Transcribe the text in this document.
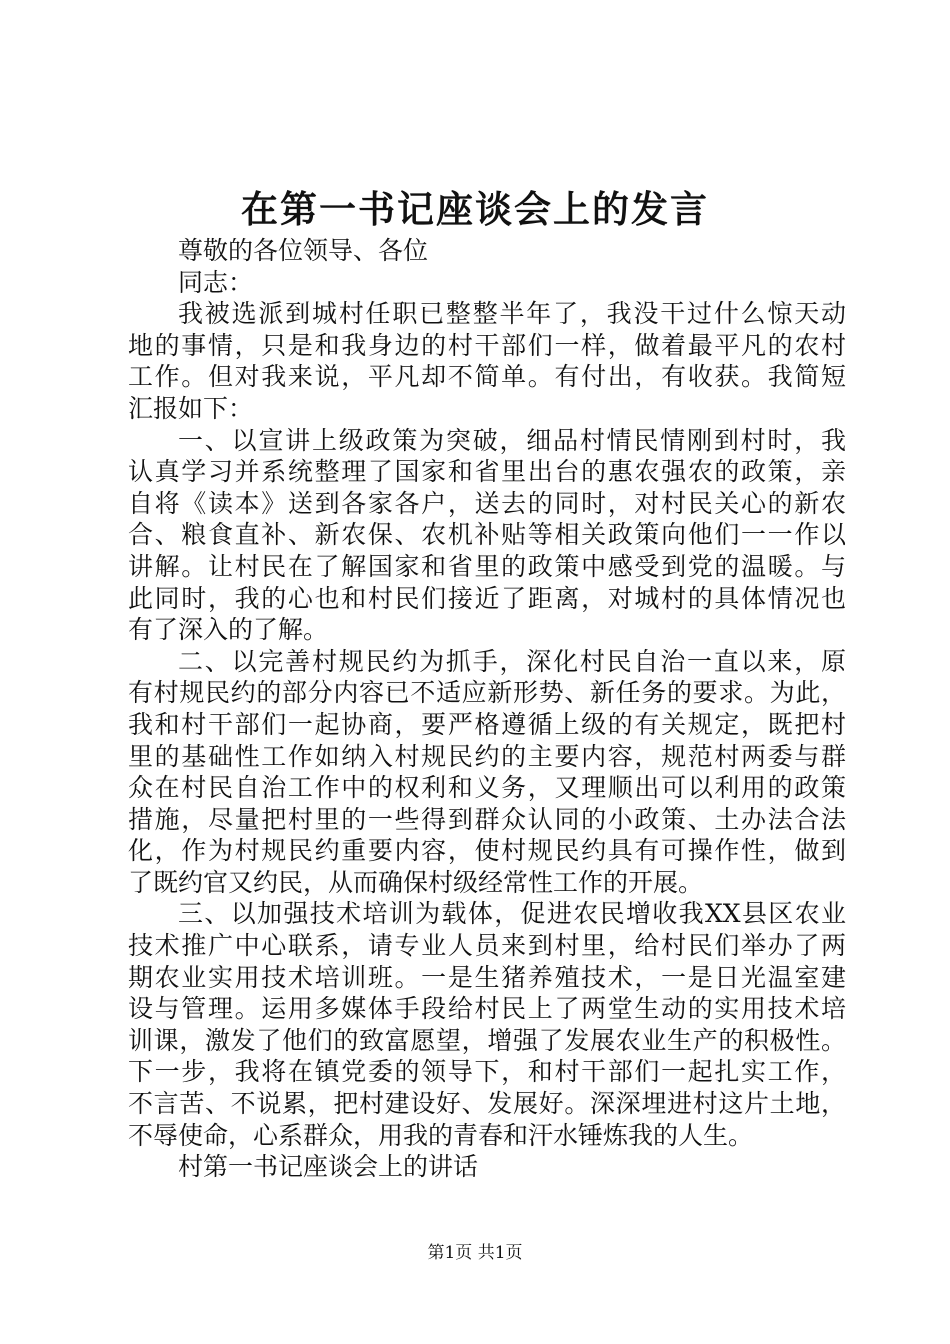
在第一书记座谈会上的发言
尊敬的各位领导、各位
同志：
我被选派到城村任职已整整半年了，我没干过什么惊天动
地的事情，只是和我身边的村干部们一样，做着最平凡的农村
工作。但对我来说，平凡却不简单。有付出，有收获。我简短
汇报如下：
一、以宣讲上级政策为突破，细品村情民情刚到村时，我
认真学习并系统整理了国家和省里出台的惠农强农的政策，亲
自将《读本》送到各家各户，送去的同时，对村民关心的新农
合、粮食直补、新农保、农机补贴等相关政策向他们一一作以
讲解。让村民在了解国家和省里的政策中感受到党的温暖。与
此同时，我的心也和村民们接近了距离，对城村的具体情况也
有了深入的了解。
二、以完善村规民约为抓手，深化村民自治一直以来，原
有村规民约的部分内容已不适应新形势、新任务的要求。为此，
我和村干部们一起协商，要严格遵循上级的有关规定，既把村
里的基础性工作如纳入村规民约的主要内容，规范村两委与群
众在村民自治工作中的权利和义务，又理顺出可以利用的政策
措施，尽量把村里的一些得到群众认同的小政策、土办法合法
化，作为村规民约重要内容，使村规民约具有可操作性，做到
了既约官又约民，从而确保村级经常性工作的开展。
三、以加强技术培训为载体，促进农民增收我XX县区农业
技术推广中心联系，请专业人员来到村里，给村民们举办了两
期农业实用技术培训班。一是生猪养殖技术，一是日光温室建
设与管理。运用多媒体手段给村民上了两堂生动的实用技术培
训课，激发了他们的致富愿望，增强了发展农业生产的积极性。
下一步，我将在镇党委的领导下，和村干部们一起扎实工作，
不言苦、不说累，把村建设好、发展好。深深埋进村这片土地，
不辱使命，心系群众，用我的青春和汗水锤炼我的人生。
村第一书记座谈会上的讲话
第1页 共1页
